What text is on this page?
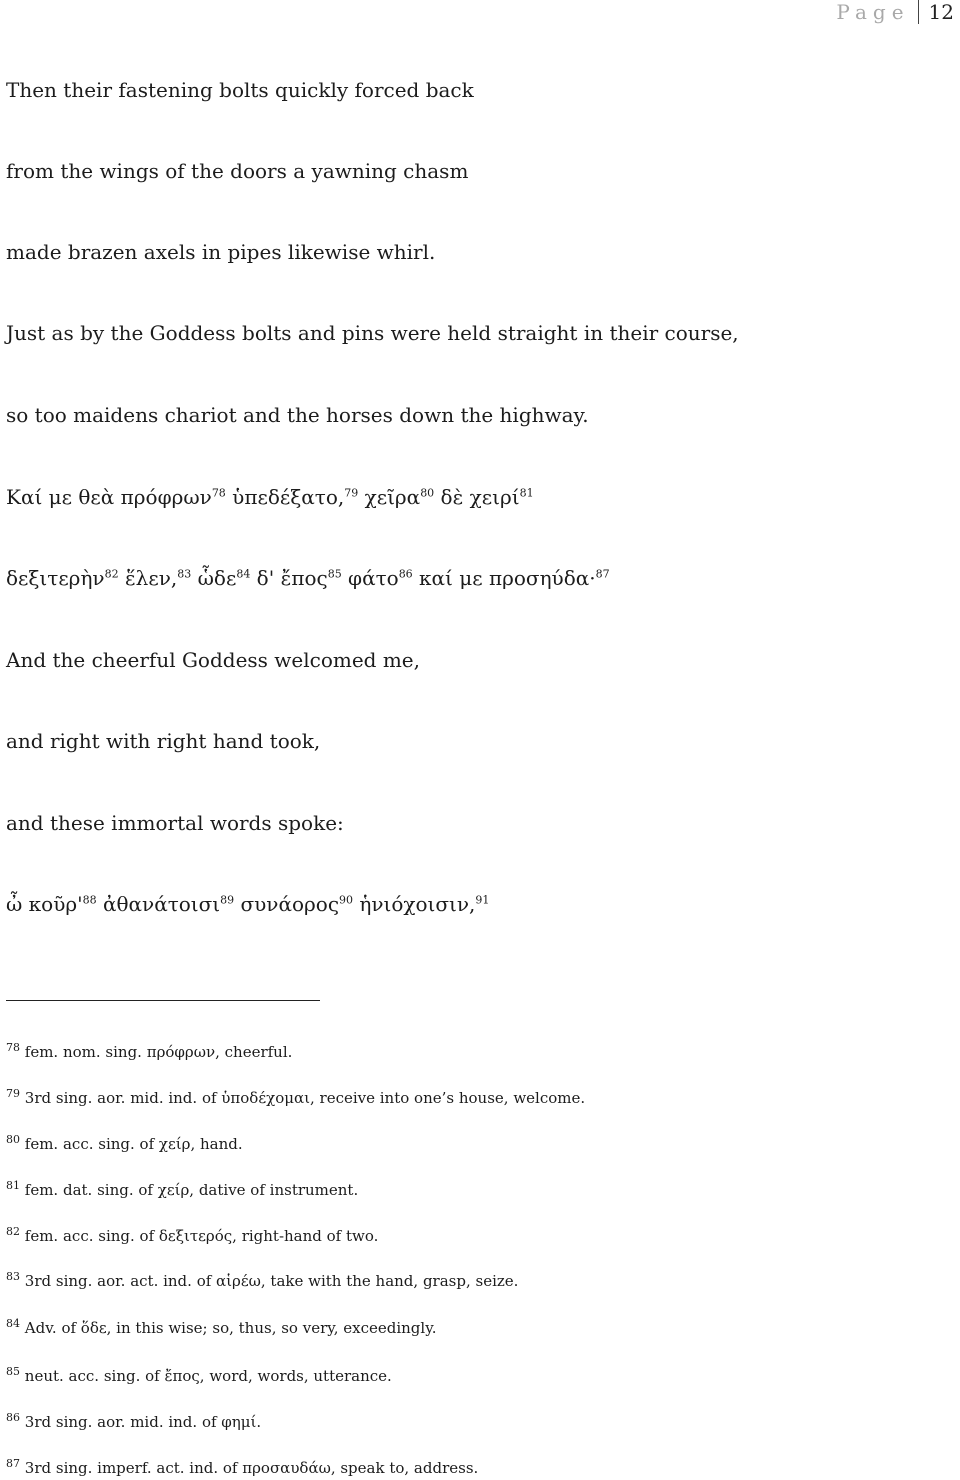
Page 12
Then their fastening bolts quickly forced back
from the wings of the doors a yawning chasm
made brazen axels in pipes likewise whirl.
Just as by the Goddess bolts and pins were held straight in their course,
so too maidens chariot and the horses down the highway.
Καί με θεὰ πρόφρων$^{78}$ ὑπεδέξατο,$^{79}$ χεῖρα$^{80}$ δὲ χειρί$^{81}$
δεξιτερὴν$^{82}$ ἕλεν,$^{83}$ ὧδε$^{84}$ δ' ἔπος$^{85}$ φάτο$^{86}$ καί με προσηύδα·$^{87}$
And the cheerful Goddess welcomed me,
and right with right hand took,
and these immortal words spoke:
ὦ $\kappa oῦ\rho'^{88}$ ἀθανάτοισι$^{89}$ συνάορος$^{90}$ ἡνιόχοισιν,$^{91}$
$^{78}$ fem. nom. sing. πρόφρων, cheerful.
$^{79}$ 3rd sing. aor. mid. ind. of ὑποδέχομαι, receive into one’s house, welcome.
$^{80}$ fem. acc. sing. of χείρ, hand.
$^{81}$ fem. dat. sing. of χείρ, dative of instrument.
$^{82}$ fem. acc. sing. of δεξιτερός, right-hand of two.
$^{83}$ 3rd sing. aor. act. ind. of αἱρέω, take with the hand, grasp, seize.
$^{84}$ Adv. of ὅδε, in this wise; so, thus, so very, exceedingly.
$^{85}$ neut. acc. sing. of ἔπος, word, words, utterance.
$^{86}$ 3rd sing. aor. mid. ind. of φημί.
$^{87}$ 3rd sing. imperf. act. ind. of προσαυδάω, speak to, address.
